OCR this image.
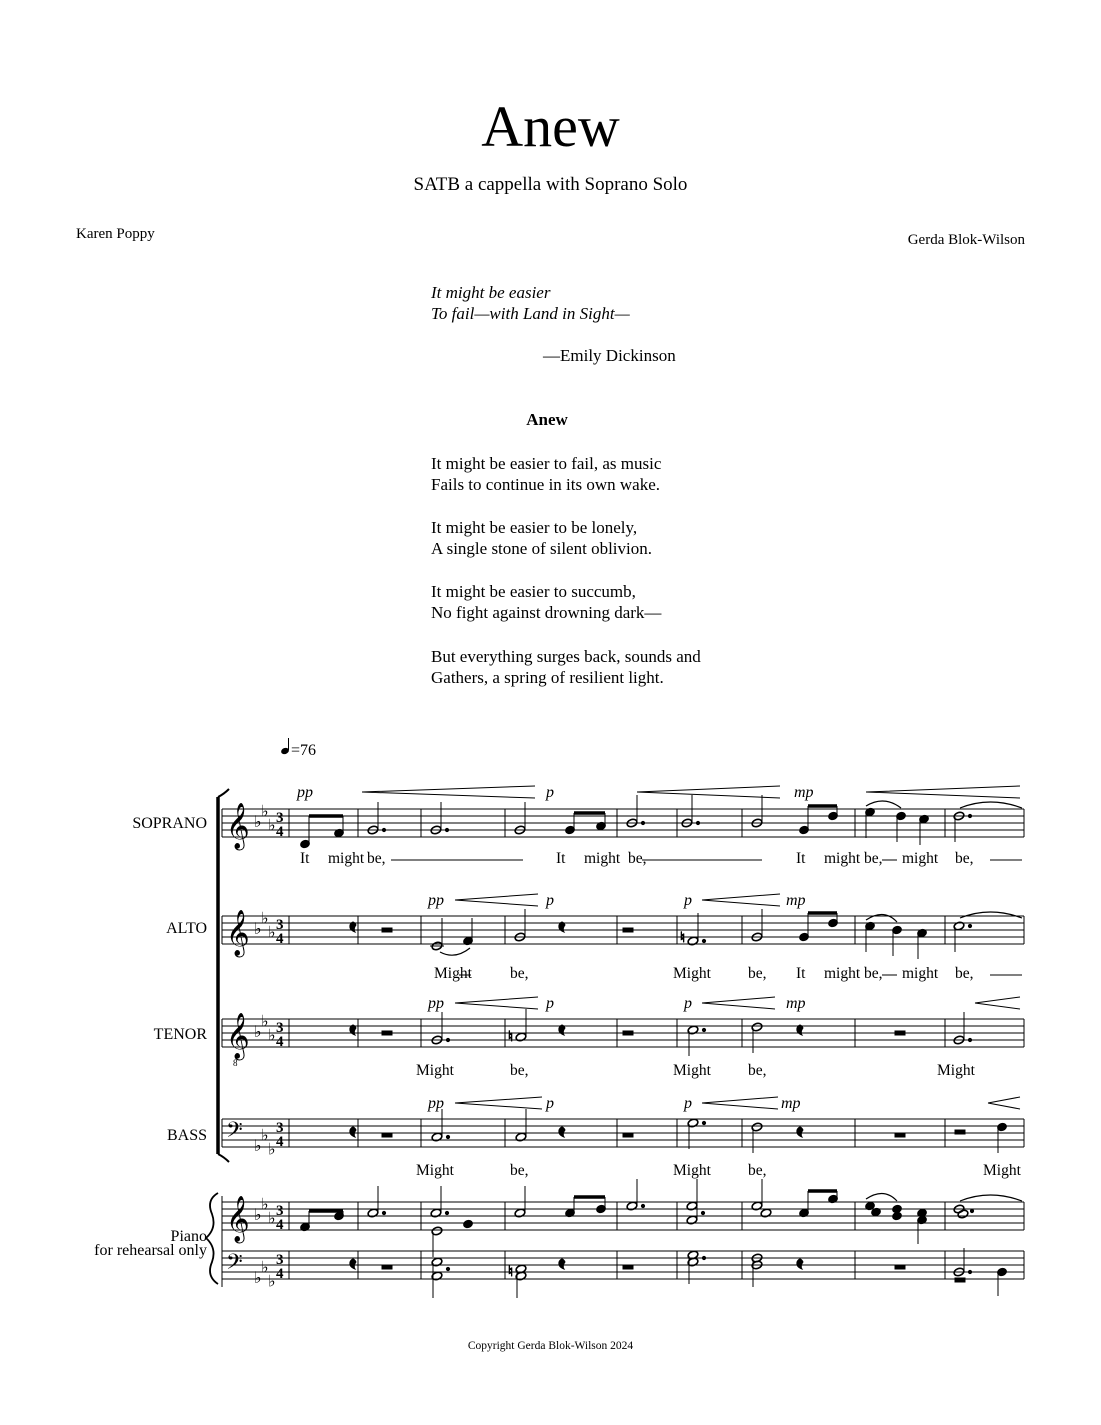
Anew
SATB a cappella with Soprano Solo
Karen Poppy	Gerda Blok-Wilson
It might be easier
To fail—with Land in Sight—
—Emily Dickinson
Anew
It might be easier to fail, as music
Fails to continue in its own wake.
It might be easier to be lonely,
A single stone of silent oblivion.
It might be easier to succumb,
No fight against drowning dark—
But everything surges back, sounds and
Gathers, a spring of resilient light.
=76
SOPRANO
ALTO
TENOR
BASS
Piano
for rehearsal only
𝄞 ♭
♭
♭ 3
4
𝄞 ♭
♭
♭ 3
4
𝄞
8
♭
♭
♭ 3
4
𝄢 ♭
♭
♭
3
4
𝄞 ♭
♭
♭ 3
4
𝄢 ♭
♭
♭
3
4
pp	p	mp
pp	p	p	mp
pp	p	p	mp
pp	p	p	mp
♮
♮
♮
It might be,	It might be,	It might be, might be,
Might be,	Might be, It might be, might be,
Might	be,	Might be,	Might
Might	be,	Might be,	Might
Copyright Gerda Blok-Wilson 2024
